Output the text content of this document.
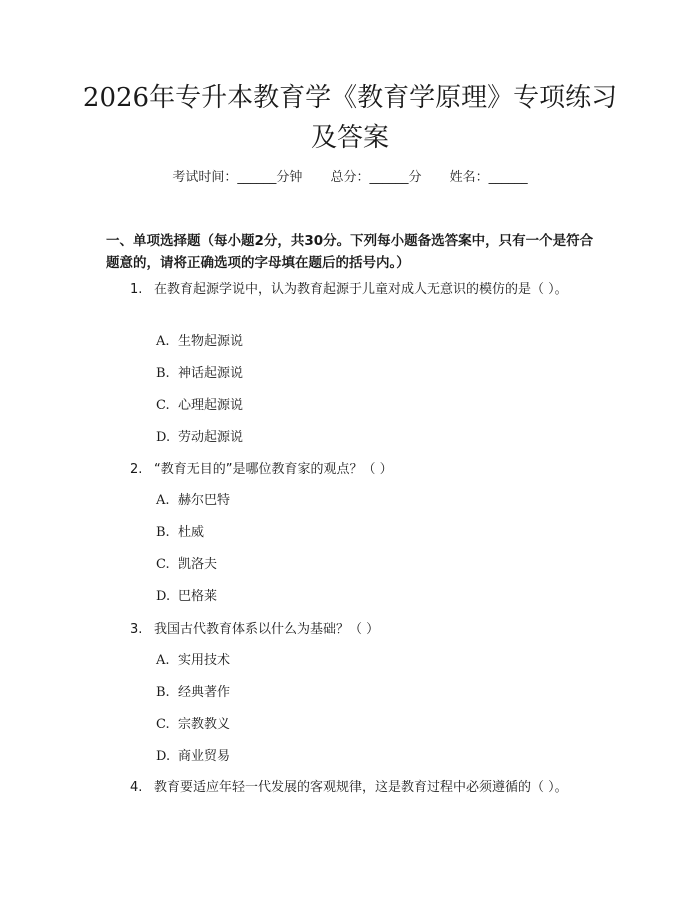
2026年专升本教育学《教育学原理》专项练习及答案
考试时间：______分钟 总分：______分 姓名：______
一、单项选择题（每小题2分，共30分。下列每小题备选答案中，只有一个是符合题意的，请将正确选项的字母填在题后的括号内。）
1. 在教育起源学说中，认为教育起源于儿童对成人无意识的模仿的是（ ）。
A. 生物起源说
B. 神话起源说
C. 心理起源说
D. 劳动起源说
2. “教育无目的”是哪位教育家的观点？（ ）
A. 赫尔巴特
B. 杜威
C. 凯洛夫
D. 巴格莱
3. 我国古代教育体系以什么为基础？（ ）
A. 实用技术
B. 经典著作
C. 宗教教义
D. 商业贸易
4. 教育要适应年轻一代发展的客观规律，这是教育过程中必须遵循的（ ）。
